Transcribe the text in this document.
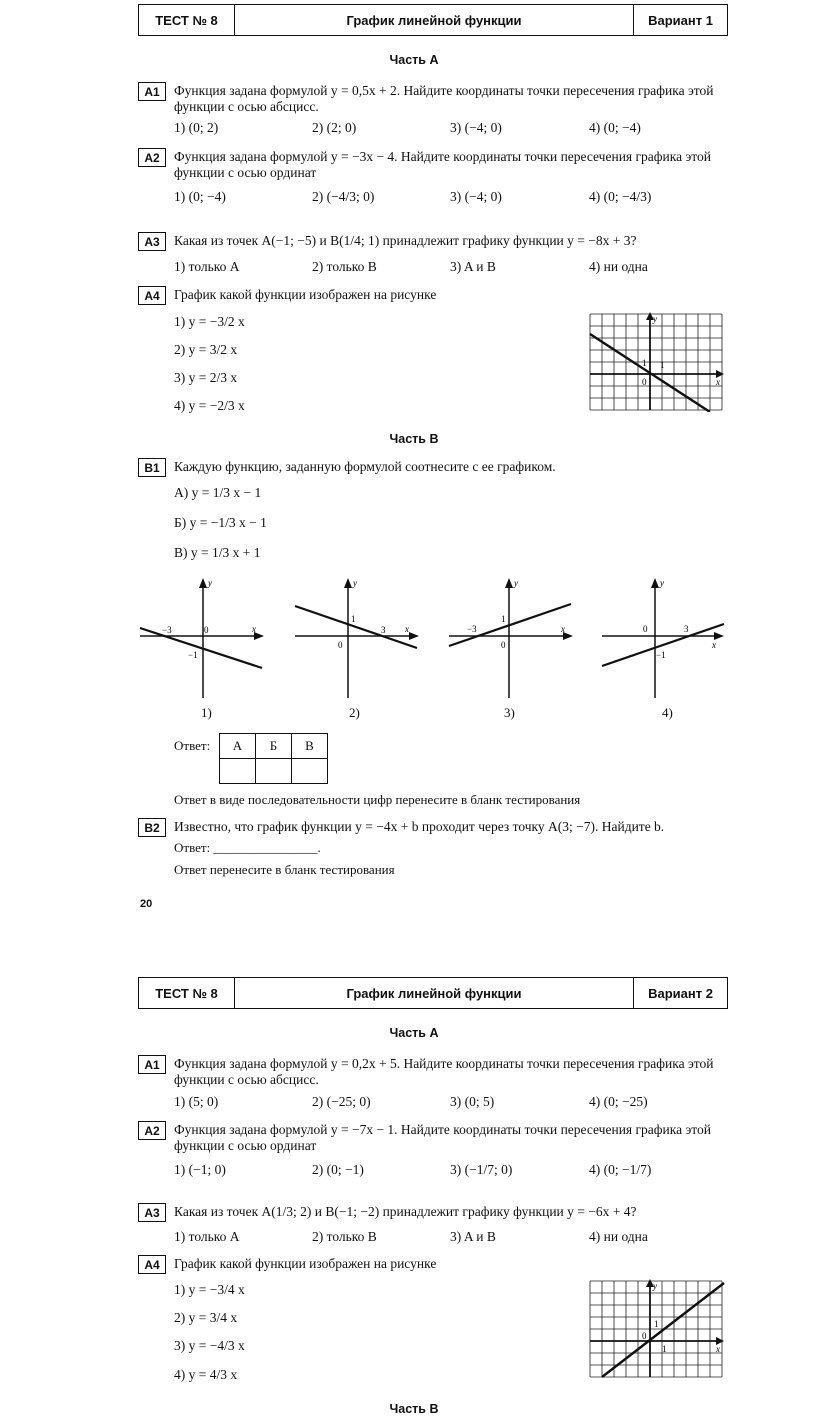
ТЕСТ № 8	График линейной функции	Вариант 1
Часть А
А1	Функция задана формулой y = 0,5x + 2. Найдите координаты точки пересечения графика этой функции с осью абсцисс.
1) (0; 2)	2) (2; 0)	3) (−4; 0)	4) (0; −4)
А2	Функция задана формулой y = −3x − 4. Найдите координаты точки пересечения графика этой функции с осью ординат
1) (0; −4)	2) (−4/3; 0)	3) (−4; 0)	4) (0; −4/3)
А3	Какая из точек A(−1; −5) и B(1/4; 1) принадлежит графику функции y = −8x + 3?
1) только A	2) только B	3) A и B	4) ни одна
А4	График какой функции изображен на рисунке
1) y = −3/2 x
2) y = 3/2 x
3) y = 2/3 x
4) y = −2/3 x
y
x
0
1 1
Часть В
В1	Каждую функцию, заданную формулой соотнесите с ее графиком.
А) y = 1/3 x − 1
Б) y = −1/3 x − 1
В) y = 1/3 x + 1
y
x
−3	0
−1
y
x
1
3
0
y
x
−3
1
0
y
x
0	3
−1
1)	2)	3)	4)
Ответ: А	Б	В

Ответ в виде последовательности цифр перенесите в бланк тестирования
В2	Известно, что график функции y = −4x + b проходит через точку A(3; −7). Найдите b.
Ответ: ________________.
Ответ перенесите в бланк тестирования
20
ТЕСТ № 8	График линейной функции	Вариант 2
Часть А
А1	Функция задана формулой y = 0,2x + 5. Найдите координаты точки пересечения графика этой функции с осью абсцисс.
1) (5; 0)	2) (−25; 0)	3) (0; 5)	4) (0; −25)
А2	Функция задана формулой y = −7x − 1. Найдите координаты точки пересечения графика этой функции с осью ординат
1) (−1; 0)	2) (0; −1)	3) (−1/7; 0)	4) (0; −1/7)
А3	Какая из точек A(1/3; 2) и B(−1; −2) принадлежит графику функции y = −6x + 4?
1) только A	2) только B	3) A и B	4) ни одна
А4	График какой функции изображен на рисунке
1) y = −3/4 x
2) y = 3/4 x
3) y = −4/3 x
4) y = 4/3 x
y
x
0
1
1
Часть В
